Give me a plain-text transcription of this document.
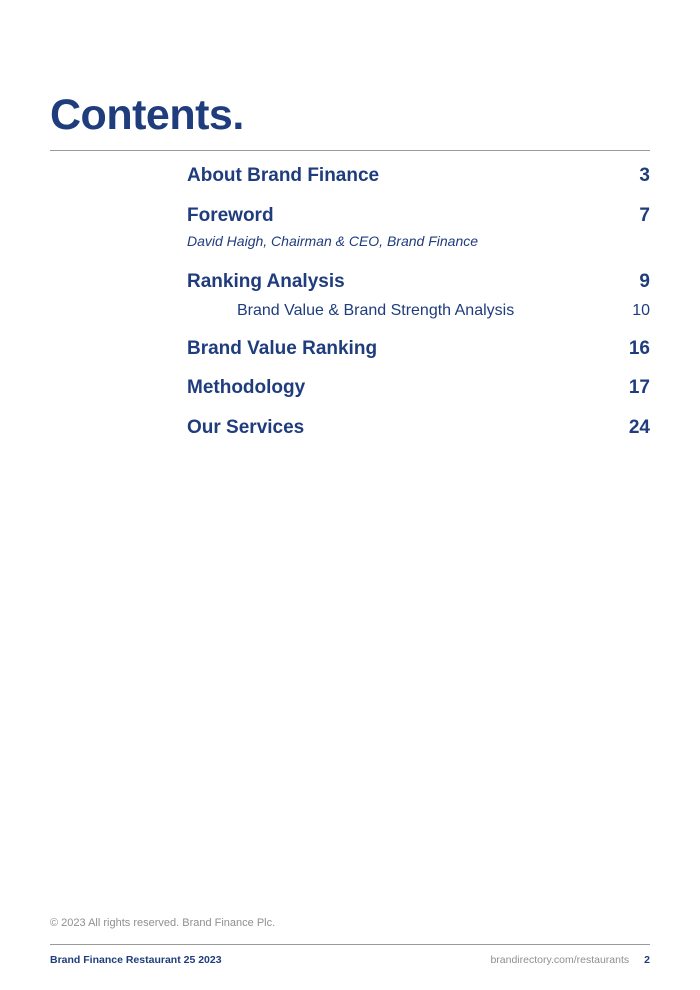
Contents.
About Brand Finance	3
Foreword	7
David Haigh, Chairman & CEO, Brand Finance
Ranking Analysis	9
Brand Value & Brand Strength Analysis	10
Brand Value Ranking	16
Methodology	17
Our Services	24
© 2023 All rights reserved. Brand Finance Plc.
Brand Finance Restaurant 25 2023	brandirectory.com/restaurants 2
